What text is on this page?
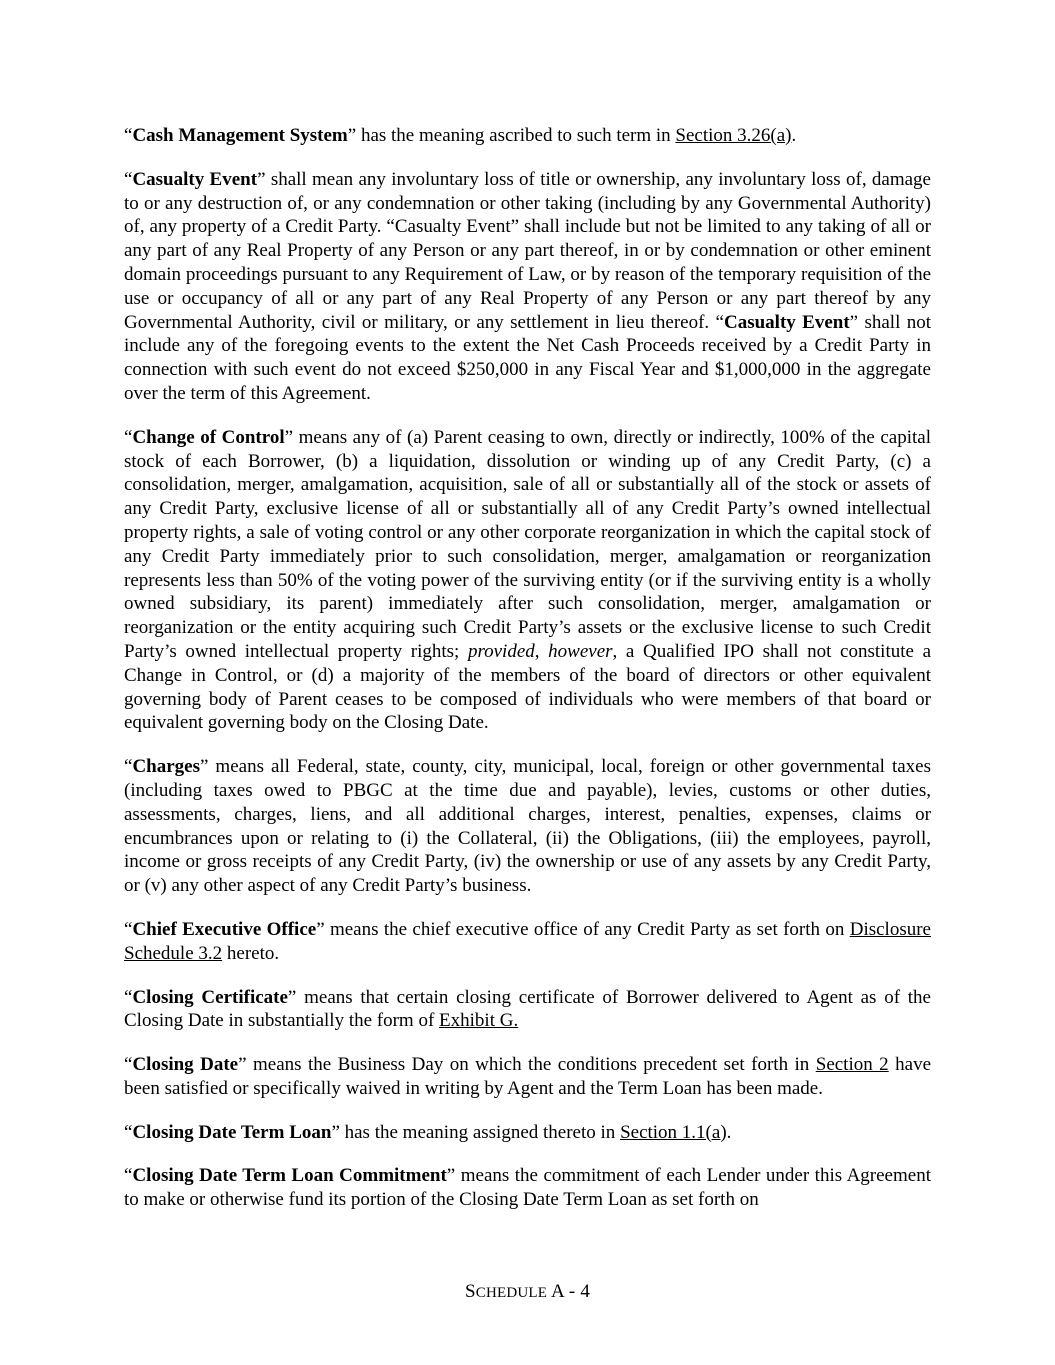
“Cash Management System” has the meaning ascribed to such term in Section 3.26(a).

“Casualty Event” shall mean any involuntary loss of title or ownership, any involuntary loss of, damage to or any destruction of, or any condemnation or other taking (including by any Governmental Authority) of, any property of a Credit Party. “Casualty Event” shall include but not be limited to any taking of all or any part of any Real Property of any Person or any part thereof, in or by condemnation or other eminent domain proceedings pursuant to any Requirement of Law, or by reason of the temporary requisition of the use or occupancy of all or any part of any Real Property of any Person or any part thereof by any Governmental Authority, civil or military, or any settlement in lieu thereof. “Casualty Event” shall not include any of the foregoing events to the extent the Net Cash Proceeds received by a Credit Party in connection with such event do not exceed $250,000 in any Fiscal Year and $1,000,000 in the aggregate over the term of this Agreement.

“Change of Control” means any of (a) Parent ceasing to own, directly or indirectly, 100% of the capital stock of each Borrower, (b) a liquidation, dissolution or winding up of any Credit Party, (c) a consolidation, merger, amalgamation, acquisition, sale of all or substantially all of the stock or assets of any Credit Party, exclusive license of all or substantially all of any Credit Party’s owned intellectual property rights, a sale of voting control or any other corporate reorganization in which the capital stock of any Credit Party immediately prior to such consolidation, merger, amalgamation or reorganization represents less than 50% of the voting power of the surviving entity (or if the surviving entity is a wholly owned subsidiary, its parent) immediately after such consolidation, merger, amalgamation or reorganization or the entity acquiring such Credit Party’s assets or the exclusive license to such Credit Party’s owned intellectual property rights; provided, however, a Qualified IPO shall not constitute a Change in Control, or (d) a majority of the members of the board of directors or other equivalent governing body of Parent ceases to be composed of individuals who were members of that board or equivalent governing body on the Closing Date.

“Charges” means all Federal, state, county, city, municipal, local, foreign or other governmental taxes (including taxes owed to PBGC at the time due and payable), levies, customs or other duties, assessments, charges, liens, and all additional charges, interest, penalties, expenses, claims or encumbrances upon or relating to (i) the Collateral, (ii) the Obligations, (iii) the employees, payroll, income or gross receipts of any Credit Party, (iv) the ownership or use of any assets by any Credit Party, or (v) any other aspect of any Credit Party’s business.

“Chief Executive Office” means the chief executive office of any Credit Party as set forth on Disclosure Schedule 3.2 hereto.

“Closing Certificate” means that certain closing certificate of Borrower delivered to Agent as of the Closing Date in substantially the form of Exhibit G.

“Closing Date” means the Business Day on which the conditions precedent set forth in Section 2 have been satisfied or specifically waived in writing by Agent and the Term Loan has been made.

“Closing Date Term Loan” has the meaning assigned thereto in Section 1.1(a).

“Closing Date Term Loan Commitment” means the commitment of each Lender under this Agreement to make or otherwise fund its portion of the Closing Date Term Loan as set forth on

SCHEDULE A - 4
